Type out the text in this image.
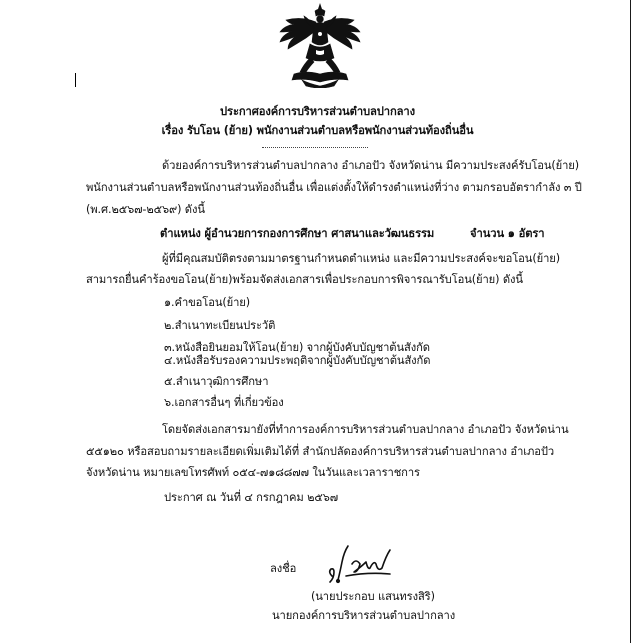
ประกาศองค์การบริหารส่วนตำบลปากลาง
เรื่อง รับโอน (ย้าย) พนักงานส่วนตำบลหรือพนักงานส่วนท้องถิ่นอื่น
ด้วยองค์การบริหารส่วนตำบลปากลาง อำเภอปัว จังหวัดน่าน มีความประสงค์รับโอน(ย้าย)
พนักงานส่วนตำบลหรือพนักงานส่วนท้องถิ่นอื่น เพื่อแต่งตั้งให้ดำรงตำแหน่งที่ว่าง ตามกรอบอัตรากำลัง ๓ ปี
(พ.ศ.๒๕๖๗-๒๕๖๙) ดังนี้
ตำแหน่ง ผู้อำนวยการกองการศึกษา ศาสนาและวัฒนธรรม	จำนวน ๑ อัตรา
ผู้ที่มีคุณสมบัติตรงตามมาตรฐานกำหนดตำแหน่ง และมีความประสงค์จะขอโอน(ย้าย)
สามารถยื่นคำร้องขอโอน(ย้าย)พร้อมจัดส่งเอกสารเพื่อประกอบการพิจารณารับโอน(ย้าย) ดังนี้
๑.คำขอโอน(ย้าย)
๒.สำเนาทะเบียนประวัติ
๓.หนังสือยินยอมให้โอน(ย้าย) จากผู้บังคับบัญชาต้นสังกัด
๔.หนังสือรับรองความประพฤติจากผู้บังคับบัญชาต้นสังกัด
๕.สำเนาวุฒิการศึกษา
๖.เอกสารอื่นๆ ที่เกี่ยวข้อง
โดยจัดส่งเอกสารมายังที่ทำการองค์การบริหารส่วนตำบลปากลาง อำเภอปัว จังหวัดน่าน
๕๕๑๒๐ หรือสอบถามรายละเอียดเพิ่มเติมได้ที่ สำนักปลัดองค์การบริหารส่วนตำบลปากลาง อำเภอปัว
จังหวัดน่าน หมายเลขโทรศัพท์ ๐๕๔-๗๑๘๘๗๗ ในวันและเวลาราชการ
ประกาศ ณ วันที่ ๔ กรกฎาคม ๒๕๖๗
ลงชื่อ
(นายประกอบ แสนทรงสิริ)
นายกองค์การบริหารส่วนตำบลปากลาง
